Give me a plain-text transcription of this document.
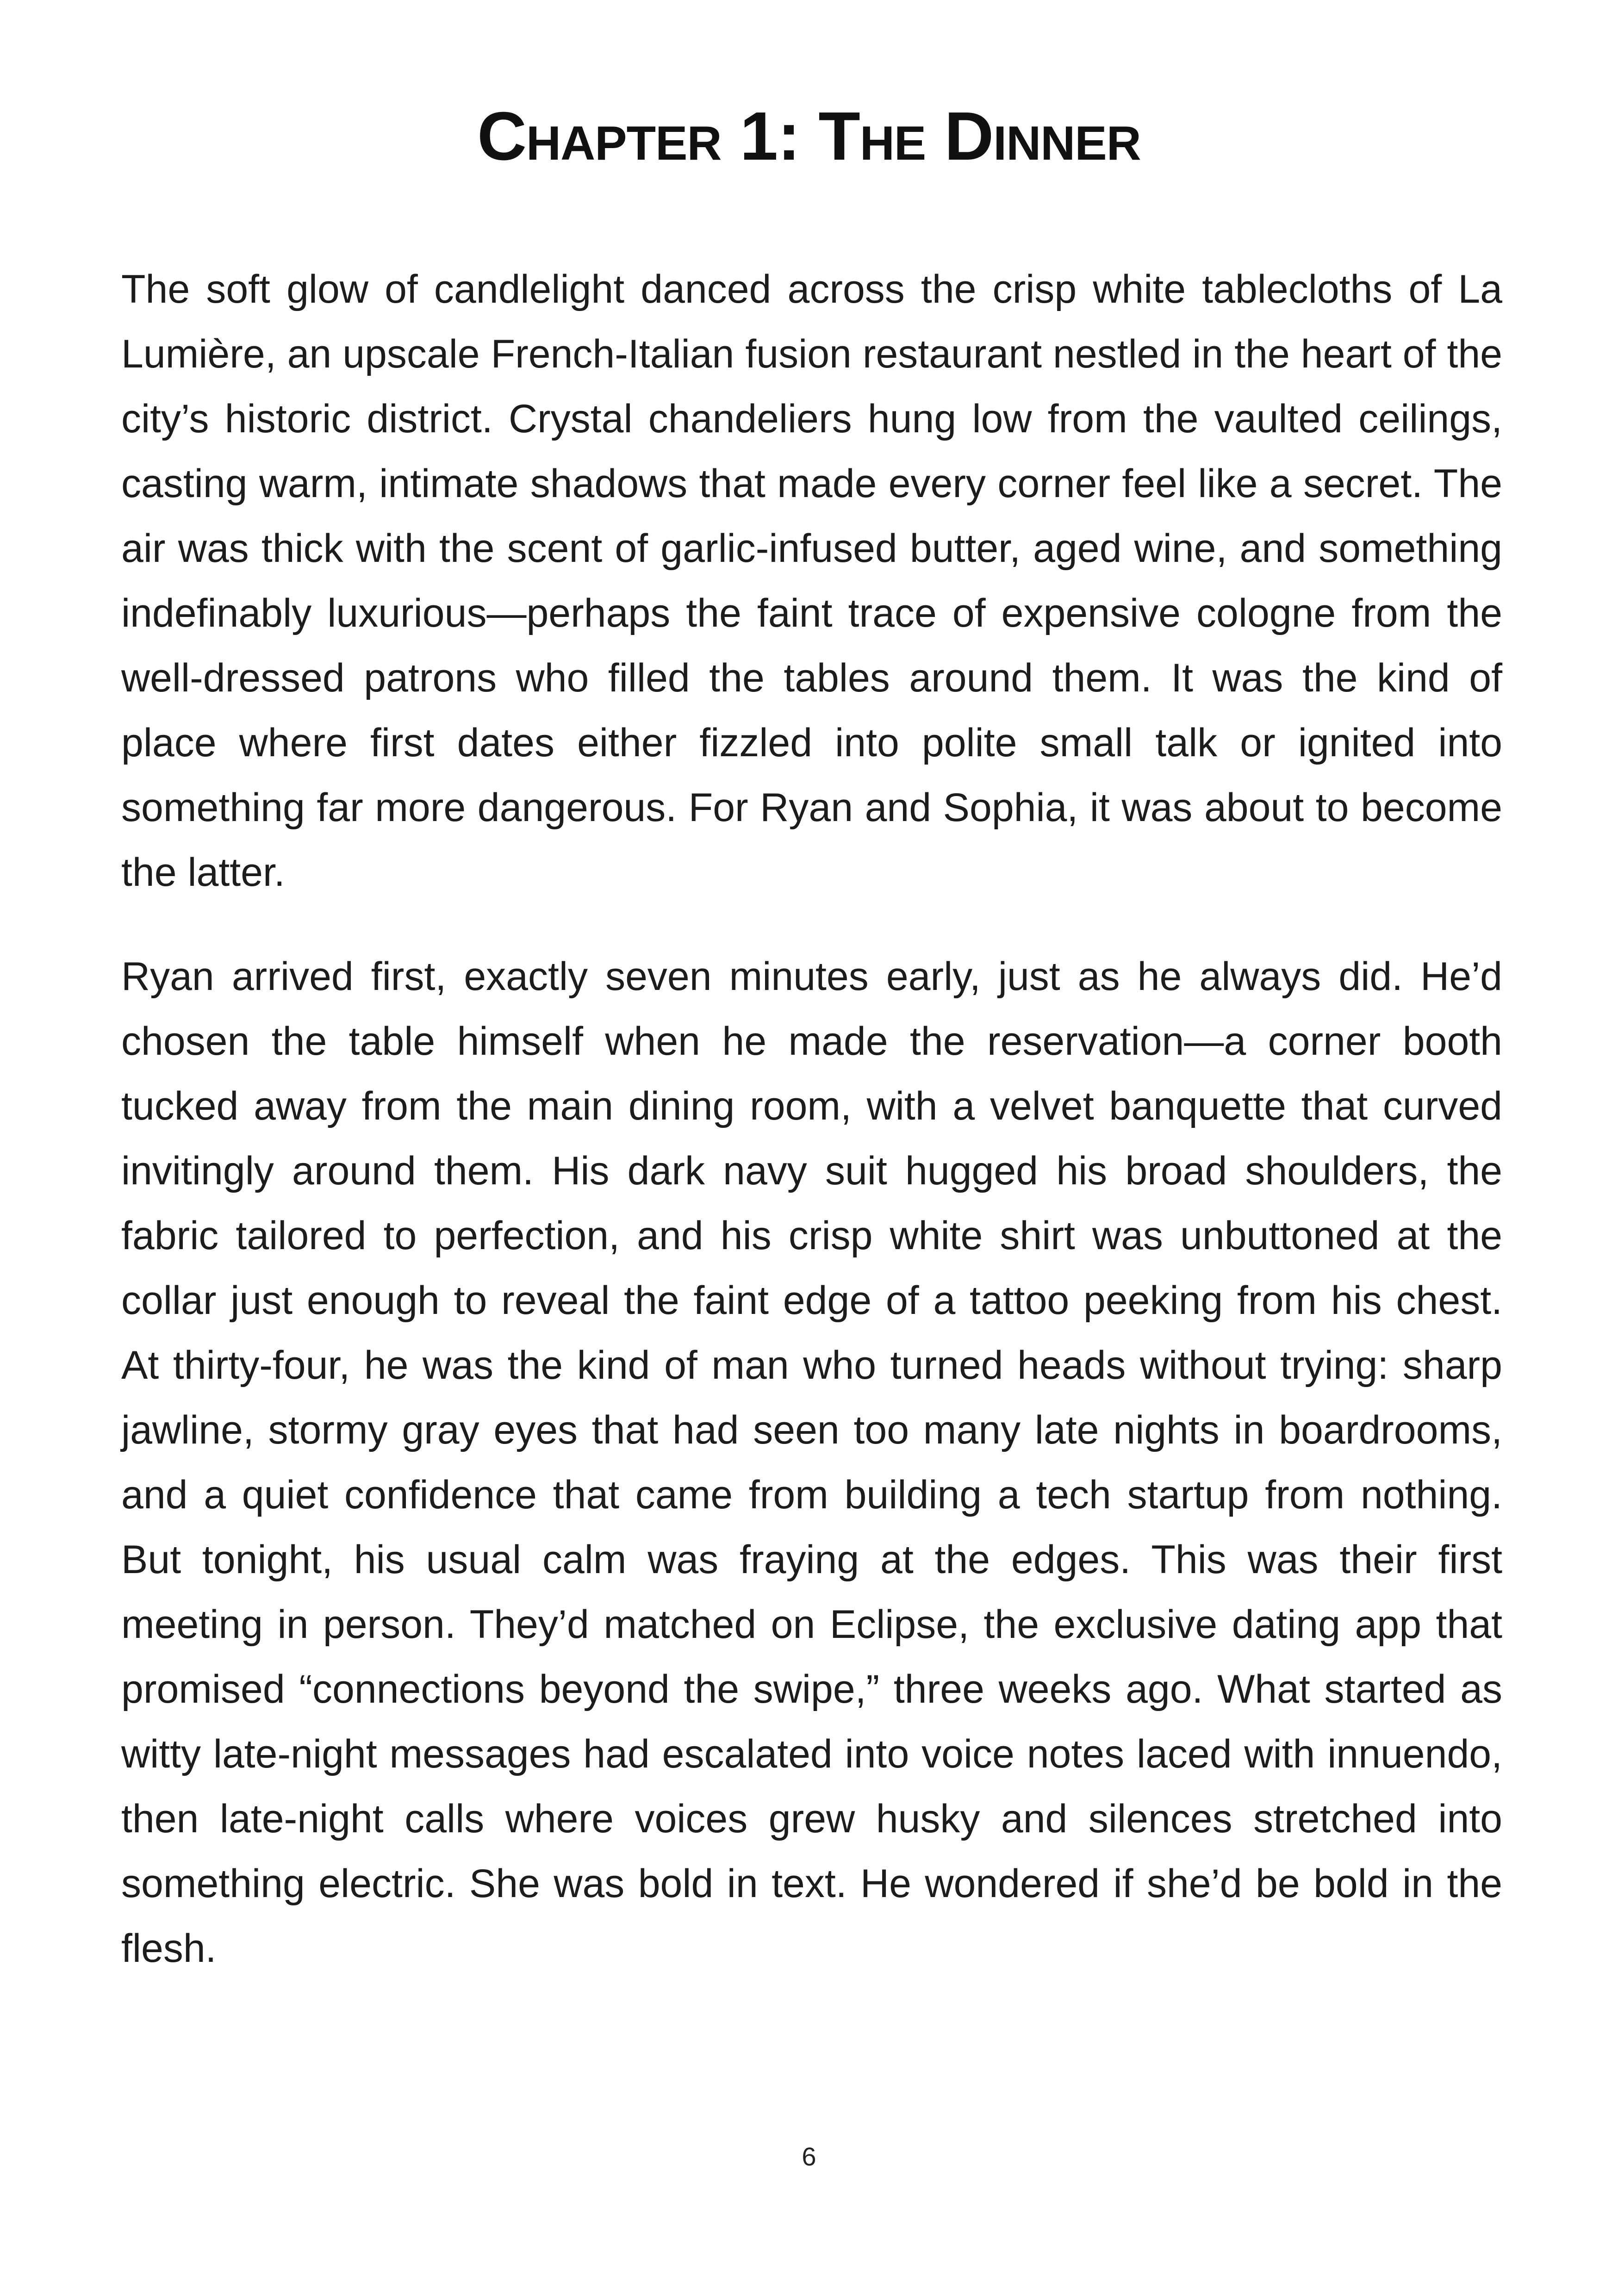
Chapter 1: The Dinner

The soft glow of candlelight danced across the crisp white tablecloths of La Lumière, an upscale French-Italian fusion restaurant nestled in the heart of the city’s historic district. Crystal chandeliers hung low from the vaulted ceilings, casting warm, intimate shadows that made every corner feel like a secret. The air was thick with the scent of garlic-infused butter, aged wine, and something indefinably luxurious—perhaps the faint trace of expensive cologne from the well-dressed patrons who filled the tables around them. It was the kind of place where first dates either fizzled into polite small talk or ignited into something far more dangerous. For Ryan and Sophia, it was about to become the latter.

Ryan arrived first, exactly seven minutes early, just as he always did. He’d chosen the table himself when he made the reservation—a corner booth tucked away from the main dining room, with a velvet banquette that curved invitingly around them. His dark navy suit hugged his broad shoulders, the fabric tailored to perfection, and his crisp white shirt was unbuttoned at the collar just enough to reveal the faint edge of a tattoo peeking from his chest. At thirty-four, he was the kind of man who turned heads without trying: sharp jawline, stormy gray eyes that had seen too many late nights in boardrooms, and a quiet confidence that came from building a tech startup from nothing. But tonight, his usual calm was fraying at the edges. This was their first meeting in person. They’d matched on Eclipse, the exclusive dating app that promised “connections beyond the swipe,” three weeks ago. What started as witty late-night messages had escalated into voice notes laced with innuendo, then late-night calls where voices grew husky and silences stretched into something electric. She was bold in text. He wondered if she’d be bold in the flesh.

6
